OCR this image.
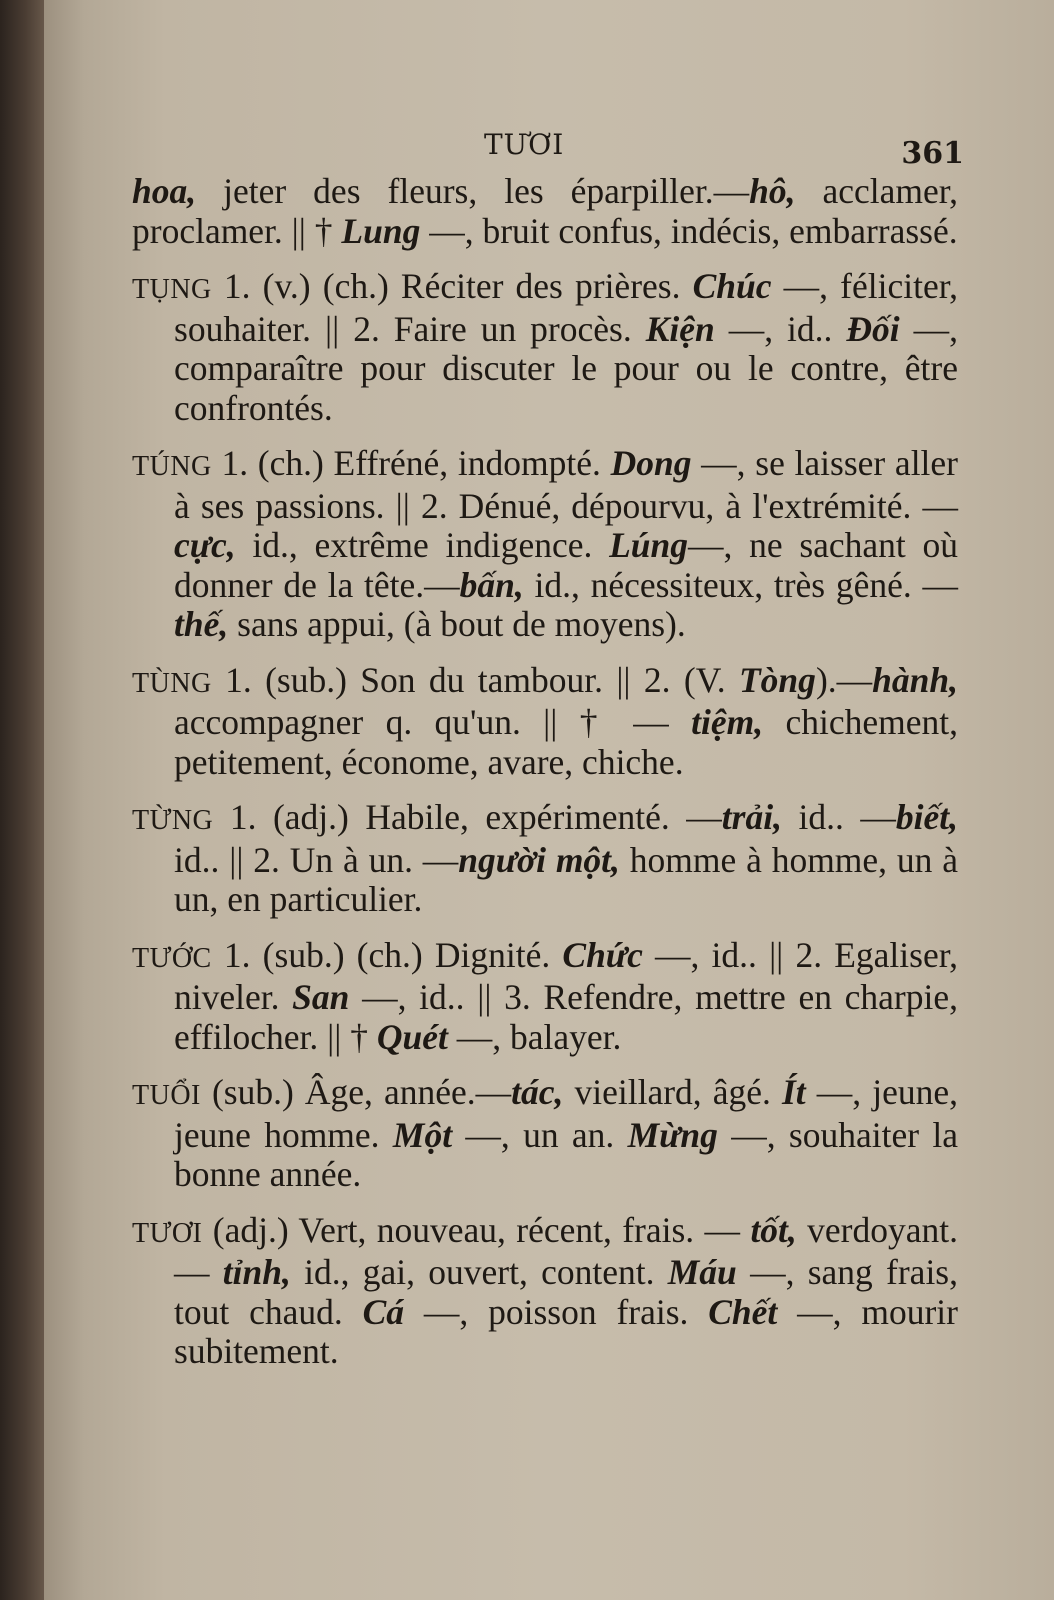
TƯƠI	361

hoa, jeter des fleurs, les éparpiller.—hô, acclamer, proclamer. || † Lung —, bruit confus, indécis, embarrassé.

TỤNG 1. (v.) (ch.) Réciter des prières. Chúc —, féliciter, souhaiter. || 2. Faire un procès. Kiện —, id.. Đối —, comparaître pour discuter le pour ou le contre, être confrontés.

TÚNG 1. (ch.) Effréné, indompté. Dong —, se laisser aller à ses passions. || 2. Dénué, dépourvu, à l'extrémité. — cực, id., extrême indigence. Lúng—, ne sachant où donner de la tête.—bấn, id., nécessiteux, très gêné. —thế, sans appui, (à bout de moyens).

TÙNG 1. (sub.) Son du tambour. || 2. (V. Tòng).—hành, accompagner q. qu'un. || † — tiệm, chichement, petitement, économe, avare, chiche.

TỪNG 1. (adj.) Habile, expérimenté. —trải, id.. —biết, id.. || 2. Un à un. —người một, homme à homme, un à un, en particulier.

TƯỚC 1. (sub.) (ch.) Dignité. Chức —, id.. || 2. Egaliser, niveler. San —, id.. || 3. Refendre, mettre en charpie, effilocher. || † Quét —, balayer.

TUỔI (sub.) Âge, année.—tác, vieillard, âgé. Ít —, jeune, jeune homme. Một —, un an. Mừng —, souhaiter la bonne année.

TƯƠI (adj.) Vert, nouveau, récent, frais. — tốt, verdoyant. — tỉnh, id., gai, ouvert, content. Máu —, sang frais, tout chaud. Cá —, poisson frais. Chết —, mourir subitement.
